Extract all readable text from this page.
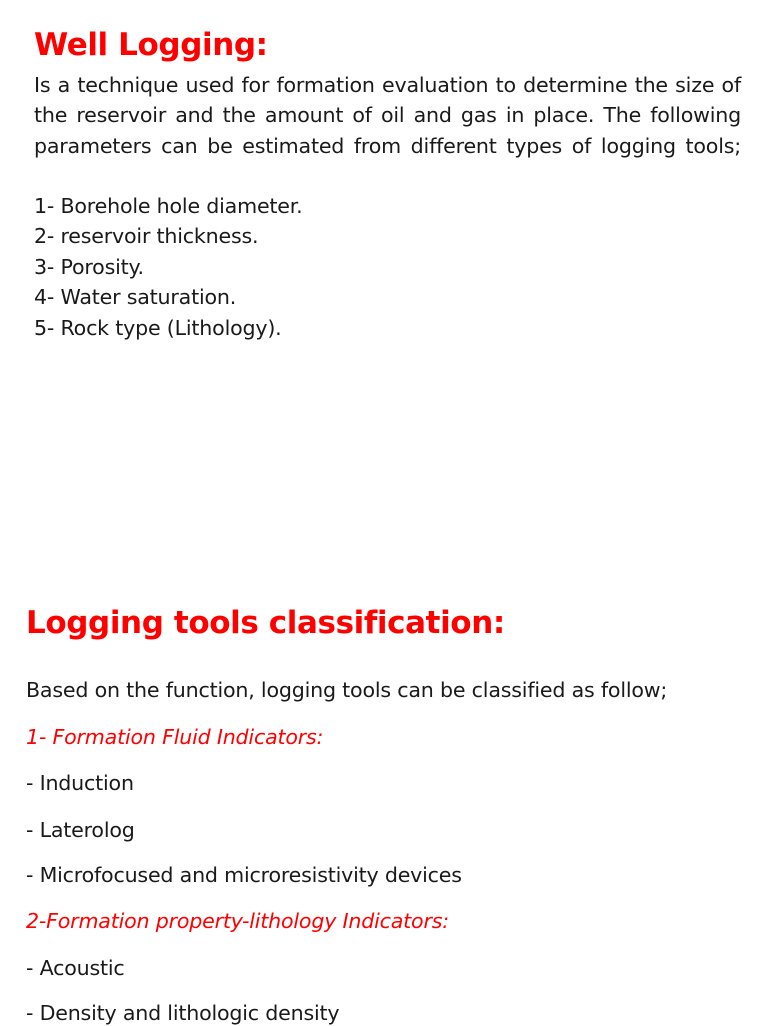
Well Logging:

Is a technique used for formation evaluation to determine the size of the reservoir and the amount of oil and gas in place. The following parameters can be estimated from different types of logging tools;

1- Borehole hole diameter.
2- reservoir thickness.
3- Porosity.
4- Water saturation.
5- Rock type (Lithology).
Logging tools classification:

Based on the function, logging tools can be classified as follow;

1- Formation Fluid Indicators:

- Induction

- Laterolog

- Microfocused and microresistivity devices

2-Formation property-lithology Indicators:

- Acoustic

- Density and lithologic density
